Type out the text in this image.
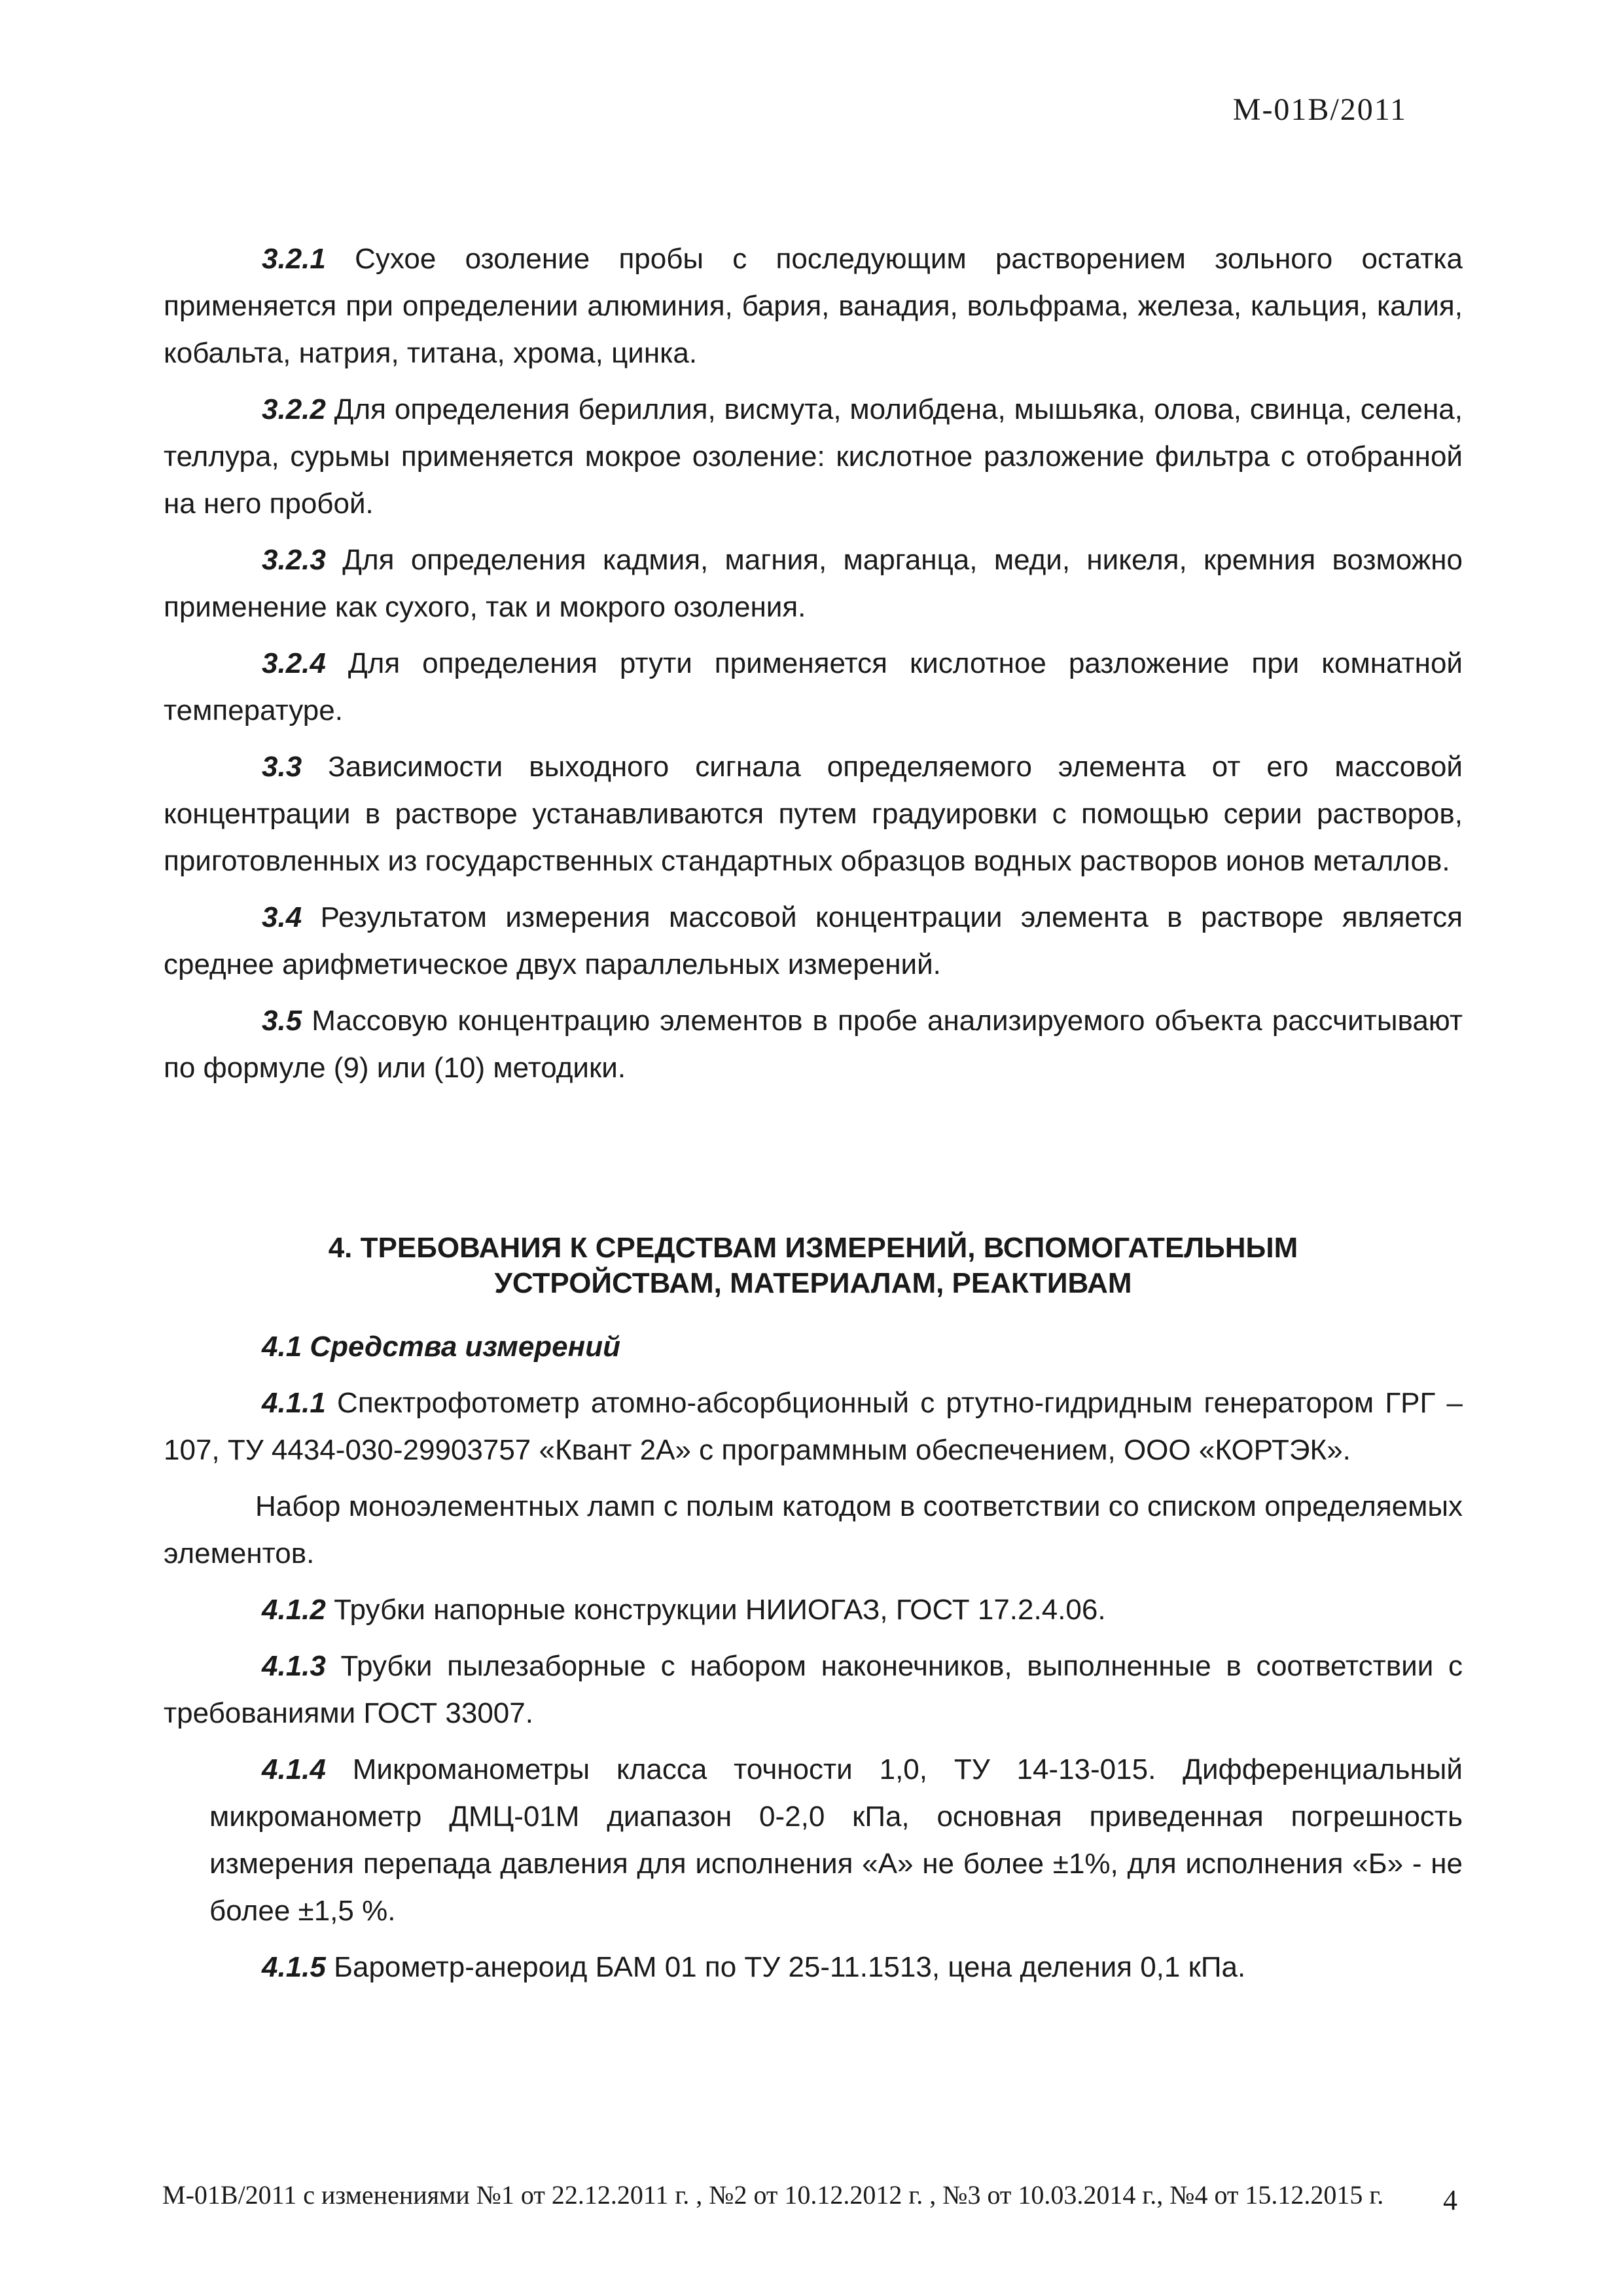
М-01В/2011

3.2.1 Сухое озоление пробы с последующим растворением зольного остатка применяется при определении алюминия, бария, ванадия, вольфрама, железа, кальция, калия, кобальта, натрия, титана, хрома, цинка.

3.2.2 Для определения бериллия, висмута, молибдена, мышьяка, олова, свинца, селена, теллура, сурьмы применяется мокрое озоление: кислотное разложение фильтра с отобранной на него пробой.

3.2.3 Для определения кадмия, магния, марганца, меди, никеля, кремния возможно применение как сухого, так и мокрого озоления.

3.2.4 Для определения ртути применяется кислотное разложение при комнатной температуре.

3.3 Зависимости выходного сигнала определяемого элемента от его массовой концентрации в растворе устанавливаются путем градуировки с помощью серии растворов, приготовленных из государственных стандартных образцов водных растворов ионов металлов.

3.4 Результатом измерения массовой концентрации элемента в растворе является среднее арифметическое двух параллельных измерений.

3.5 Массовую концентрацию элементов в пробе анализируемого объекта рассчитывают по формуле (9) или (10) методики.

4. ТРЕБОВАНИЯ К СРЕДСТВАМ ИЗМЕРЕНИЙ, ВСПОМОГАТЕЛЬНЫМ

УСТРОЙСТВАМ, МАТЕРИАЛАМ, РЕАКТИВАМ

4.1 Средства измерений

4.1.1 Спектрофотометр атомно-абсорбционный с ртутно-гидридным генератором ГРГ –107, ТУ 4434-030-29903757 «Квант 2А» с программным обеспечением, ООО «КОРТЭК».

Набор моноэлементных ламп с полым катодом в соответствии со списком определяемых элементов.

4.1.2 Трубки напорные конструкции НИИОГАЗ, ГОСТ 17.2.4.06.

4.1.3 Трубки пылезаборные с набором наконечников, выполненные в соответствии с требованиями ГОСТ 33007.

4.1.4 Микроманометры класса точности 1,0, ТУ 14-13-015. Дифференциальный микроманометр ДМЦ-01М диапазон 0-2,0 кПа, основная приведенная погрешность измерения перепада давления для исполнения «А» не более ±1%, для исполнения «Б» - не более ±1,5 %.

4.1.5 Барометр-анероид БАМ 01 по ТУ 25-11.1513, цена деления 0,1 кПа.

М-01В/2011 с изменениями №1 от 22.12.2011 г. , №2 от 10.12.2012 г. , №3 от 10.03.2014 г., №4 от 15.12.2015 г.	4
